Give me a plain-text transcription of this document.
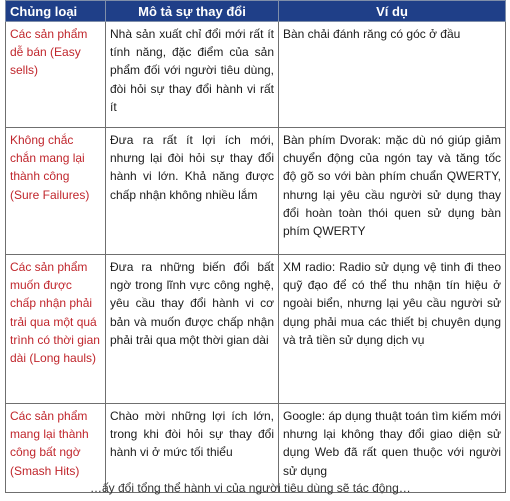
Chủng loại	Mô tả sự thay đổi	Ví dụ
Các sản phẩm dễ bán (Easy sells)	Nhà sản xuất chỉ đổi mới rất ít tính năng, đặc điểm của sản phẩm đối với người tiêu dùng, đòi hỏi sự thay đổi hành vi rất ít	Bàn chải đánh răng có góc ở đầu
Không chắc chắn mang lại thành công (Sure Failures)	Đưa ra rất ít lợi ích mới, nhưng lại đòi hỏi sự thay đổi hành vi lớn. Khả năng được chấp nhận không nhiều lắm	Bàn phím Dvorak: mặc dù nó giúp giảm chuyển động của ngón tay và tăng tốc độ gõ so với bàn phím chuẩn QWERTY, nhưng lại yêu cầu người sử dụng thay đổi hoàn toàn thói quen sử dụng bàn phím QWERTY
Các sản phẩm muốn được chấp nhận phải trải qua một quá trình có thời gian dài (Long hauls)	Đưa ra những biến đổi bất ngờ trong lĩnh vực công nghệ, yêu cầu thay đổi hành vi cơ bản và muốn được chấp nhận phải trải qua một thời gian dài	XM radio: Radio sử dụng vệ tinh đi theo quỹ đạo để có thể thu nhận tín hiệu ở ngoài biển, nhưng lại yêu cầu người sử dụng phải mua các thiết bị chuyên dụng và trả tiền sử dụng dịch vụ
Các sản phẩm mang lại thành công bất ngờ (Smash Hits)	Chào mời những lợi ích lớn, trong khi đòi hỏi sự thay đổi hành vi ở mức tối thiểu	Google: áp dụng thuật toán tìm kiếm mới nhưng lại không thay đổi giao diện sử dụng Web đã rất quen thuộc với người sử dụng
…ấy đổi tổng thể hành vi của người tiêu dùng sẽ tác động…
